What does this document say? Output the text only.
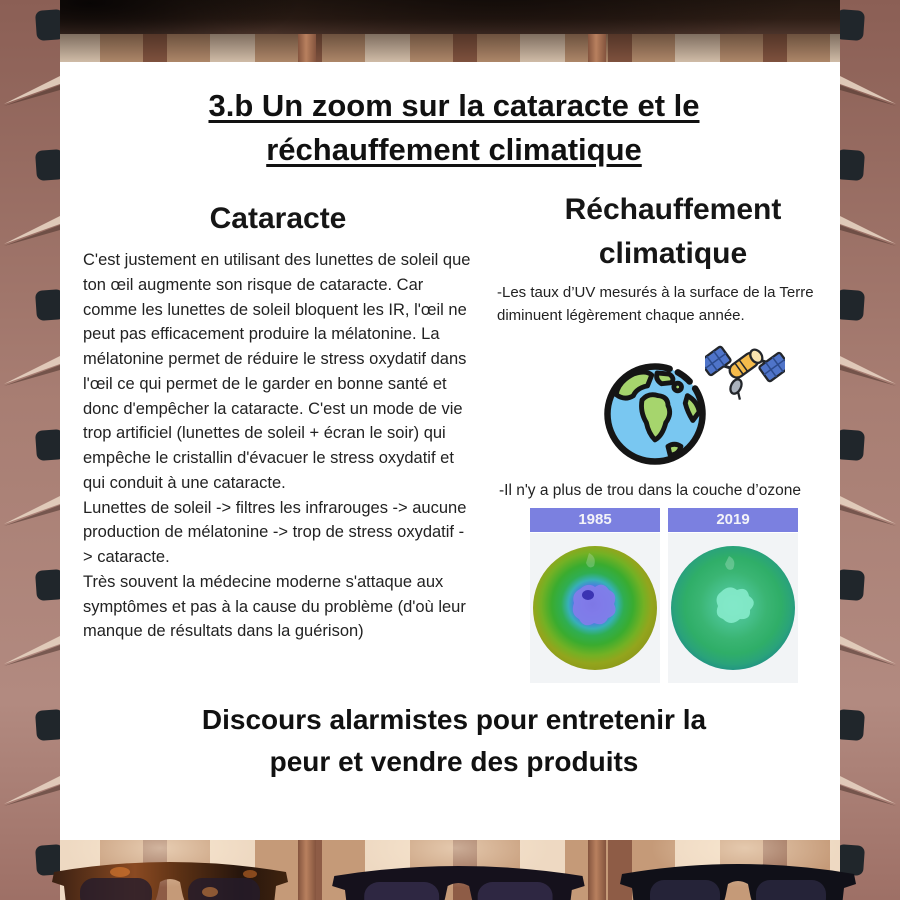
3.b Un zoom sur la cataracte et le réchauffement climatique
Cataracte

C'est justement en utilisant des lunettes de soleil que ton œil augmente son risque de cataracte. Car comme les lunettes de soleil bloquent les IR, l'œil ne peut pas efficacement produire la mélatonine. La mélatonine permet de réduire le stress oxydatif dans l'œil ce qui permet de le garder en bonne santé et donc d'empêcher la cataracte. C'est un mode de vie trop artificiel (lunettes de soleil + écran le soir) qui empêche le cristallin d'évacuer le stress oxydatif et qui conduit à une cataracte.

Lunettes de soleil -> filtres les infrarouges -> aucune production de mélatonine -> trop de stress oxydatif -> cataracte.

Très souvent la médecine moderne s'attaque aux symptômes et pas à la cause du problème (d'où leur manque de résultats dans la guérison)

Réchauffement climatique

-Les taux d’UV mesurés à la surface de la Terre diminuent légèrement chaque année.

-Il n'y a plus de trou dans la couche d’ozone

1985	2019
Discours alarmistes pour entretenir la peur et vendre des produits
